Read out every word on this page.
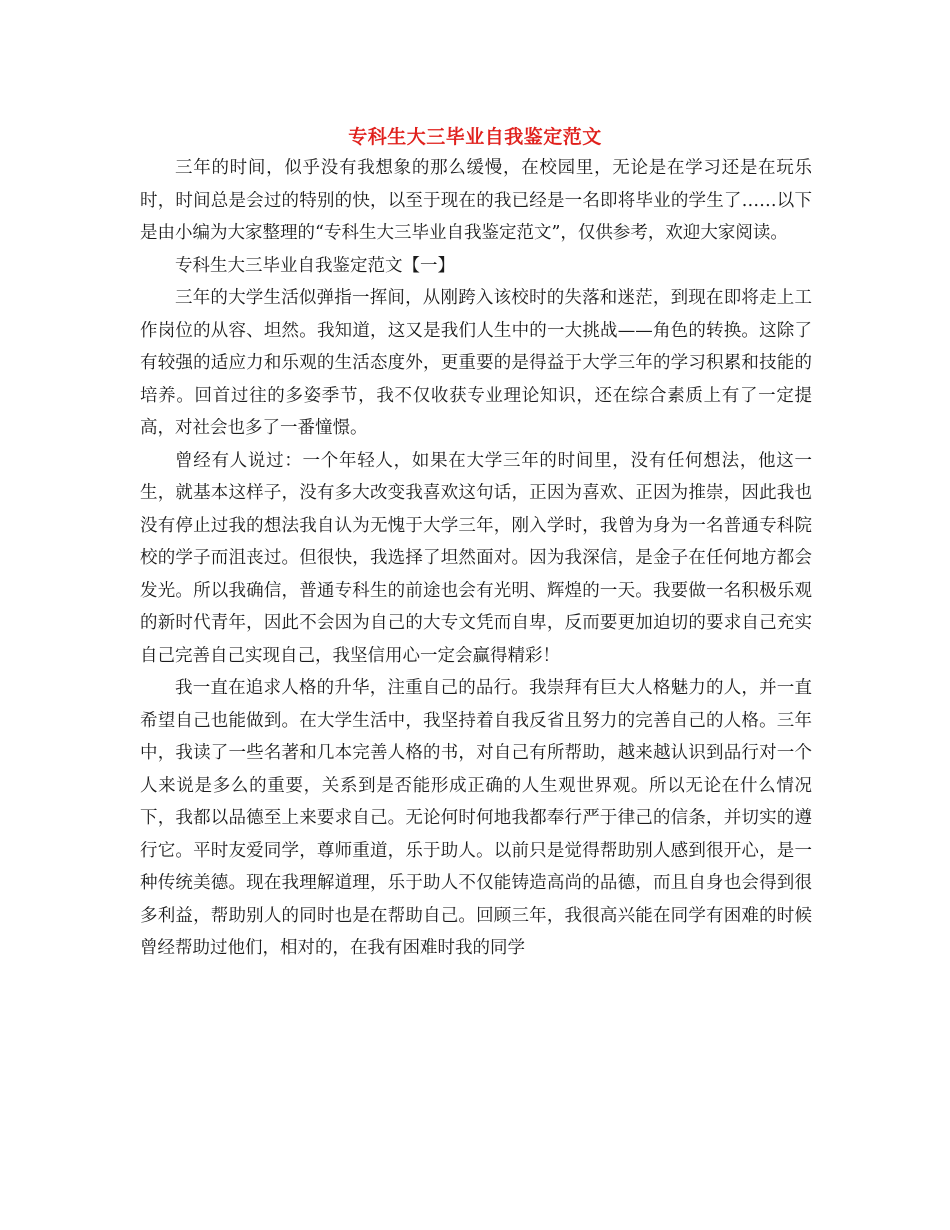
专科生大三毕业自我鉴定范文

三年的时间，似乎没有我想象的那么缓慢，在校园里，无论是在学习还是在玩乐时，时间总是会过的特别的快，以至于现在的我已经是一名即将毕业的学生了……以下是由小编为大家整理的“专科生大三毕业自我鉴定范文”，仅供参考，欢迎大家阅读。

专科生大三毕业自我鉴定范文【一】

三年的大学生活似弹指一挥间，从刚跨入该校时的失落和迷茫，到现在即将走上工作岗位的从容、坦然。我知道，这又是我们人生中的一大挑战——角色的转换。这除了有较强的适应力和乐观的生活态度外，更重要的是得益于大学三年的学习积累和技能的培养。回首过往的多姿季节，我不仅收获专业理论知识，还在综合素质上有了一定提高，对社会也多了一番憧憬。

曾经有人说过：一个年轻人，如果在大学三年的时间里，没有任何想法，他这一生，就基本这样子，没有多大改变我喜欢这句话，正因为喜欢、正因为推崇，因此我也没有停止过我的想法我自认为无愧于大学三年，刚入学时，我曾为身为一名普通专科院校的学子而沮丧过。但很快，我选择了坦然面对。因为我深信，是金子在任何地方都会发光。所以我确信，普通专科生的前途也会有光明、辉煌的一天。我要做一名积极乐观的新时代青年，因此不会因为自己的大专文凭而自卑，反而要更加迫切的要求自己充实自己完善自己实现自己，我坚信用心一定会赢得精彩！

我一直在追求人格的升华，注重自己的品行。我崇拜有巨大人格魅力的人，并一直希望自己也能做到。在大学生活中，我坚持着自我反省且努力的完善自己的人格。三年中，我读了一些名著和几本完善人格的书，对自己有所帮助，越来越认识到品行对一个人来说是多么的重要，关系到是否能形成正确的人生观世界观。所以无论在什么情况下，我都以品德至上来要求自己。无论何时何地我都奉行严于律己的信条，并切实的遵行它。平时友爱同学，尊师重道，乐于助人。以前只是觉得帮助别人感到很开心，是一种传统美德。现在我理解道理，乐于助人不仅能铸造高尚的品德，而且自身也会得到很多利益，帮助别人的同时也是在帮助自己。回顾三年，我很高兴能在同学有困难的时候曾经帮助过他们，相对的，在我有困难时我的同学
